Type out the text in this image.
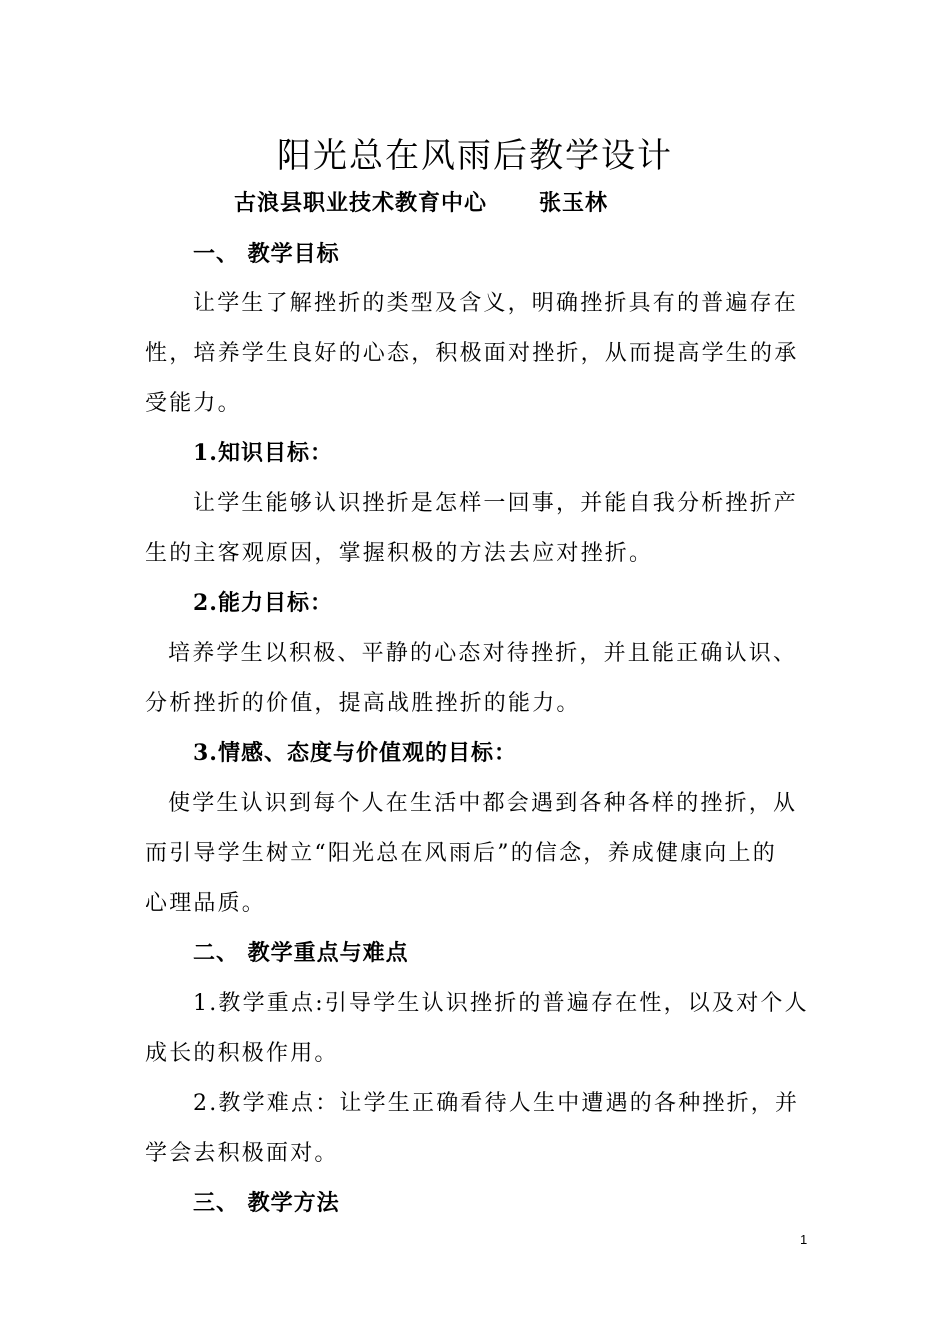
阳光总在风雨后教学设计
古浪县职业技术教育中心      张玉林
一、 教学目标
让学生了解挫折的类型及含义，明确挫折具有的普遍存在
性，培养学生良好的心态，积极面对挫折，从而提高学生的承
受能力。
1.知识目标：
让学生能够认识挫折是怎样一回事，并能自我分析挫折产
生的主客观原因，掌握积极的方法去应对挫折。
2.能力目标：
培养学生以积极、平静的心态对待挫折，并且能正确认识、
分析挫折的价值，提高战胜挫折的能力。
3.情感、态度与价值观的目标：
使学生认识到每个人在生活中都会遇到各种各样的挫折，从
而引导学生树立“阳光总在风雨后”的信念，养成健康向上的
心理品质。
二、 教学重点与难点
1.教学重点:引导学生认识挫折的普遍存在性，以及对个人
成长的积极作用。
2.教学难点：让学生正确看待人生中遭遇的各种挫折，并
学会去积极面对。
三、 教学方法
1
